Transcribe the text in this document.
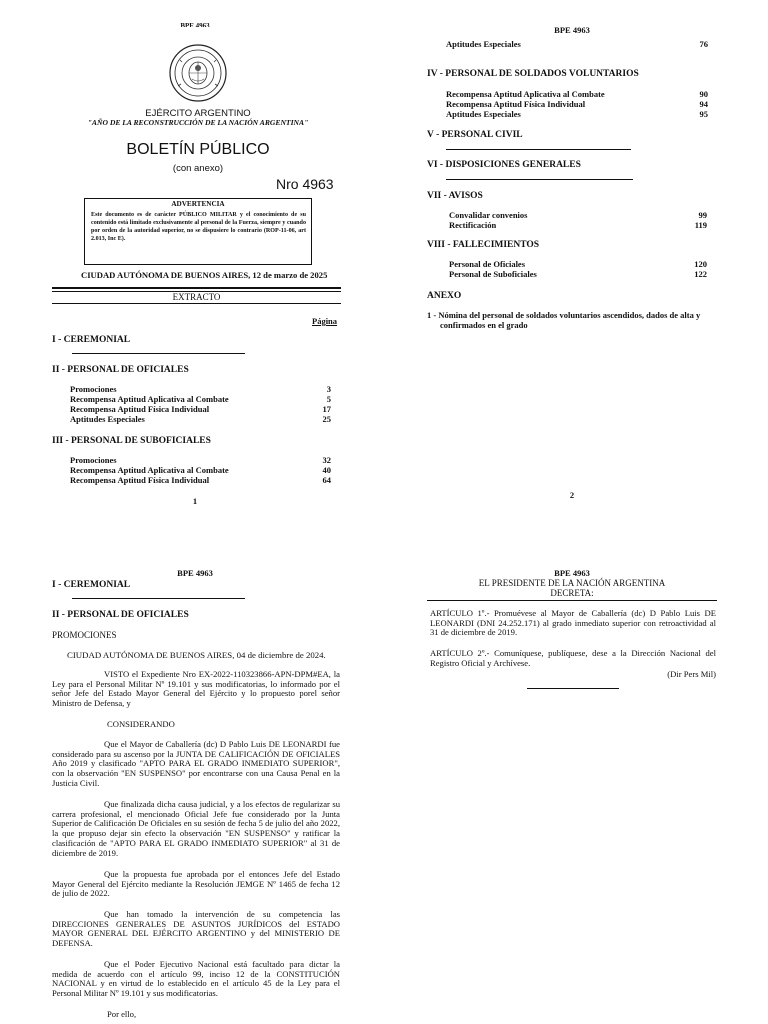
BPE 4963
EJÉRCITO ARGENTINO
"AÑO DE LA RECONSTRUCCIÓN DE LA NACIÓN ARGENTINA"
BOLETÍN PÚBLICO
(con anexo)
Nro 4963
ADVERTENCIA
Este documento es de carácter PÚBLICO MILITAR y el conocimiento de su contenido está limitado exclusivamente al personal de la Fuerza, siempre y cuando por orden de la autoridad superior, no se dispusiere lo contrario (ROP-11-06, art 2.013, Inc E).
CIUDAD AUTÓNOMA DE BUENOS AIRES, 12 de marzo de 2025
EXTRACTO
Página
I - CEREMONIAL
II - PERSONAL DE OFICIALES
Promociones	3
Recompensa Aptitud Aplicativa al Combate	5
Recompensa Aptitud Física Individual	17
Aptitudes Especiales	25
III - PERSONAL DE SUBOFICIALES
Promociones	32
Recompensa Aptitud Aplicativa al Combate	40
Recompensa Aptitud Física Individual	64
1
BPE 4963
Aptitudes Especiales	76
IV - PERSONAL DE SOLDADOS VOLUNTARIOS
Recompensa Aptitud Aplicativa al Combate	90
Recompensa Aptitud Física Individual	94
Aptitudes Especiales	95
V - PERSONAL CIVIL
VI - DISPOSICIONES GENERALES
VII - AVISOS
Convalidar convenios	99
Rectificación	119
VIII - FALLECIMIENTOS
Personal de Oficiales	120
Personal de Suboficiales	122
ANEXO
1 - Nómina del personal de soldados voluntarios ascendidos, dados de alta y confirmados en el grado
2
BPE 4963
I - CEREMONIAL
II - PERSONAL DE OFICIALES
PROMOCIONES
CIUDAD AUTÓNOMA DE BUENOS AIRES, 04 de diciembre de 2024.
VISTO el Expediente Nro EX-2022-110323866-APN-DPM#EA, la Ley para el Personal Militar Nº 19.101 y sus modificatorias, lo informado por el señor Jefe del Estado Mayor General del Ejército y lo propuesto porel señor Ministro de Defensa, y
CONSIDERANDO
Que el Mayor de Caballería (dc) D Pablo Luis DE LEONARDI fue considerado para su ascenso por la JUNTA DE CALIFICACIÓN DE OFICIALES Año 2019 y clasificado "APTO PARA EL GRADO INMEDIATO SUPERIOR", con la observación "EN SUSPENSO" por encontrarse con una Causa Penal en la Justicia Civil.
Que finalizada dicha causa judicial, y a los efectos de regularizar su carrera profesional, el mencionado Oficial Jefe fue considerado por la Junta Superior de Calificación De Oficiales en su sesión de fecha 5 de julio del año 2022, la que propuso dejar sin efecto la observación "EN SUSPENSO" y ratificar la clasificación de "APTO PARA EL GRADO INMEDIATO SUPERIOR" al 31 de diciembre de 2019.
Que la propuesta fue aprobada por el entonces Jefe del Estado Mayor General del Ejército mediante la Resolución JEMGE Nº 1465 de fecha 12 de julio de 2022.
Que han tomado la intervención de su competencia las DIRECCIONES GENERALES DE ASUNTOS JURÍDICOS del ESTADO MAYOR GENERAL DEL EJÉRCITO ARGENTINO y del MINISTERIO DE DEFENSA.
Que el Poder Ejecutivo Nacional está facultado para dictar la medida de acuerdo con el artículo 99, inciso 12 de la CONSTITUCIÓN NACIONAL y en virtud de lo establecido en el artículo 45 de la Ley para el Personal Militar Nº 19.101 y sus modificatorias.
Por ello,
BPE 4963
EL PRESIDENTE DE LA NACIÓN ARGENTINA
DECRETA:
ARTÍCULO 1º.- Promuévese al Mayor de Caballería (dc) D Pablo Luis DE LEONARDI (DNI 24.252.171) al grado inmediato superior con retroactividad al 31 de diciembre de 2019.
ARTÍCULO 2º.- Comuníquese, publíquese, dese a la Dirección Nacional del Registro Oficial y Archívese.
(Dir Pers Mil)
